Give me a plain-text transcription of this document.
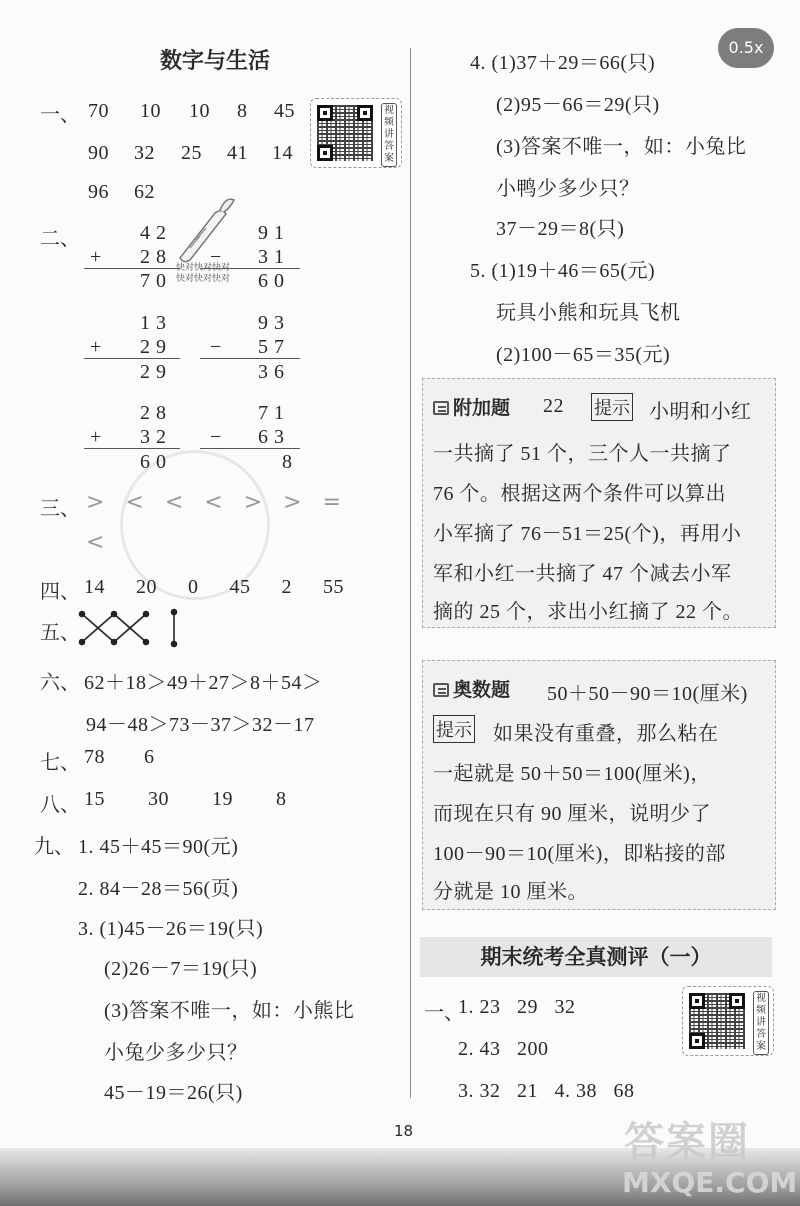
0.5x
数字与生活
视频讲答案
一、 70 10 10 8 45
90 32 25 41 14
96 62
二、	4 2
+ 2 8
7 0
9 1
− 3 1
6 0
快对快对快对
快对快对快对
1 3
+ 2 9
2 9
9 3
− 5 7
3 6
2 8
+ 3 2
6 0
7 1
− 6 3
8
三、 > < < < > > =
<
四、 14  20  0  45  2  55
五、
六、 62＋18＞49＋27＞8＋54＞
94－48＞73－37＞32－17
七、 78  6
八、 15  30  19  8
九、 1. 45＋45＝90(元)
2. 84－28＝56(页)
3. (1)45－26＝19(只)
(2)26－7＝19(只)
(3)答案不唯一，如：小熊比
小兔少多少只？
45－19＝26(只)
4. (1)37＋29＝66(只)
(2)95－66＝29(只)
(3)答案不唯一，如：小兔比
小鸭少多少只？
37－29＝8(只)
5. (1)19＋46＝65(元)
玩具小熊和玩具飞机
(2)100－65＝35(元)
附加题 22 提示 小明和小红
一共摘了 51 个，三个人一共摘了
76 个。根据这两个条件可以算出
小军摘了 76－51＝25(个)，再用小
军和小红一共摘了 47 个减去小军
摘的 25 个，求出小红摘了 22 个。
奥数题 50＋50－90＝10(厘米)
提示 如果没有重叠，那么粘在
一起就是 50＋50＝100(厘米)，
而现在只有 90 厘米，说明少了
100－90＝10(厘米)，即粘接的部
分就是 10 厘米。
期末统考全真测评（一）
一、
1. 23   29   32
2. 43   200
3. 32   21   4. 38   68
视频讲答案
18	答案圈
MXQE.COM
